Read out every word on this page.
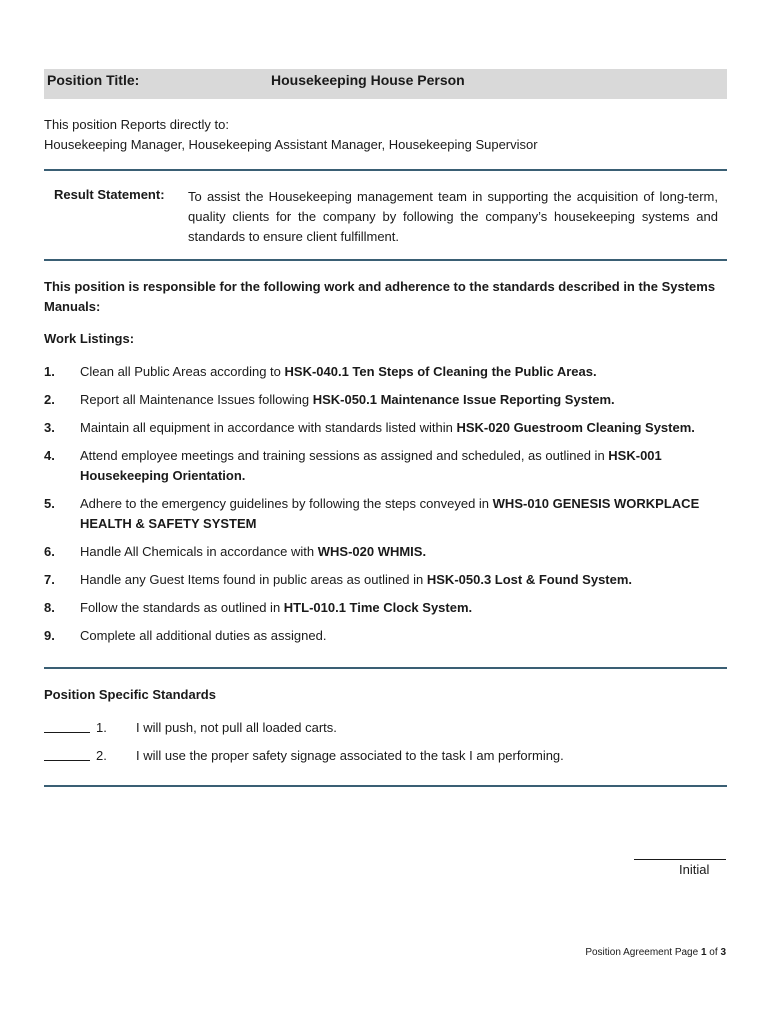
Position Title:	Housekeeping House Person
This position Reports directly to:
Housekeeping Manager, Housekeeping Assistant Manager, Housekeeping Supervisor
Result Statement: To assist the Housekeeping management team in supporting the acquisition of long-term, quality clients for the company by following the company’s housekeeping systems and standards to ensure client fulfillment.
This position is responsible for the following work and adherence to the standards described in the Systems Manuals:
Work Listings:
1. Clean all Public Areas according to HSK-040.1 Ten Steps of Cleaning the Public Areas.
2. Report all Maintenance Issues following HSK-050.1 Maintenance Issue Reporting System.
3. Maintain all equipment in accordance with standards listed within HSK-020 Guestroom Cleaning System.
4. Attend employee meetings and training sessions as assigned and scheduled, as outlined in HSK-001 Housekeeping Orientation.
5. Adhere to the emergency guidelines by following the steps conveyed in WHS-010 GENESIS WORKPLACE HEALTH & SAFETY SYSTEM
6. Handle All Chemicals in accordance with WHS-020 WHMIS.
7. Handle any Guest Items found in public areas as outlined in HSK-050.3 Lost & Found System.
8. Follow the standards as outlined in HTL-010.1 Time Clock System.
9. Complete all additional duties as assigned.
Position Specific Standards
1. I will push, not pull all loaded carts.
2. I will use the proper safety signage associated to the task I am performing.
Initial
Position Agreement Page 1 of 3
